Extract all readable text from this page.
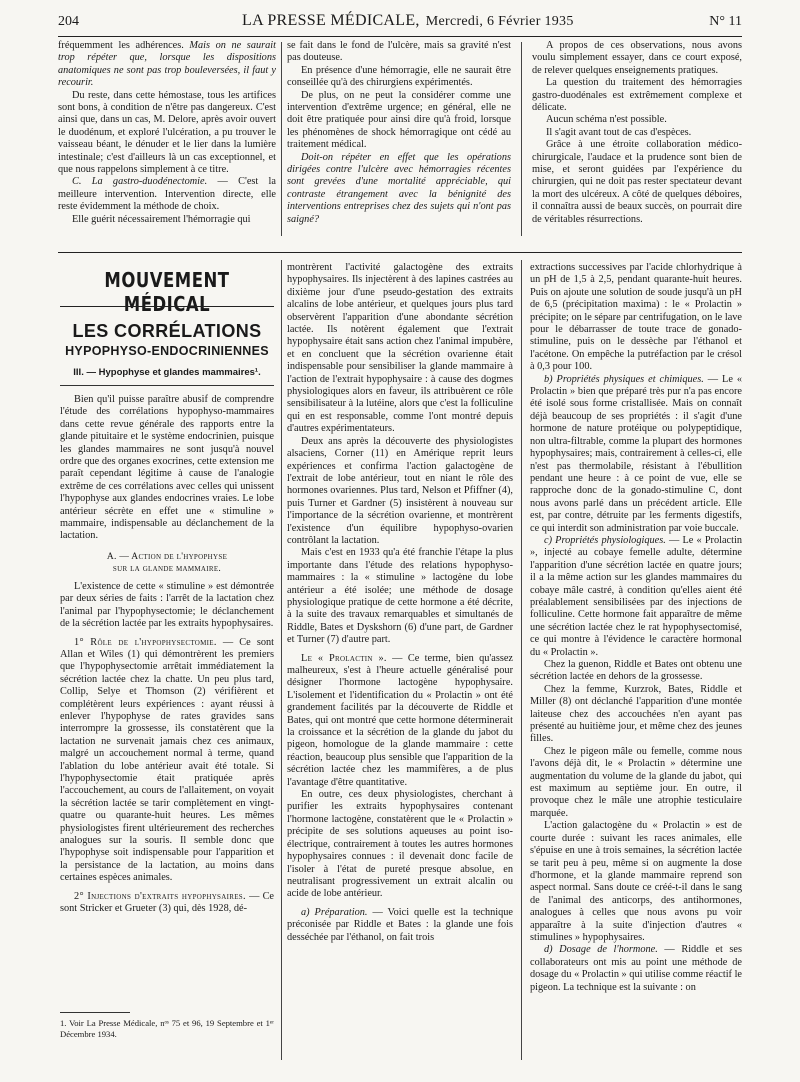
204	LA PRESSE MÉDICALE, Mercredi, 6 Février 1935	N° 11

fréquemment les adhérences. Mais on ne saurait trop répéter que, lorsque les dispositions anatomiques ne sont pas trop bouleversées, il faut y recourir.

Du reste, dans cette hémostase, tous les artifices sont bons, à condition de n'être pas dangereux. C'est ainsi que, dans un cas, M. Delore, après avoir ouvert le duodénum, et exploré l'ulcération, a pu trouver le vaisseau béant, le dénuder et le lier dans la lumière intestinale; c'est d'ailleurs là un cas exceptionnel, et que nous rappelons simplement à ce titre.

C. La gastro-duodénectomie. — C'est la meilleure intervention. Intervention directe, elle reste évidemment la méthode de choix.

Elle guérit nécessairement l'hémorragie qui

se fait dans le fond de l'ulcère, mais sa gravité n'est pas douteuse.

En présence d'une hémorragie, elle ne saurait être conseillée qu'à des chirurgiens expérimentés.

De plus, on ne peut la considérer comme une intervention d'extrême urgence; en général, elle ne doit être pratiquée pour ainsi dire qu'à froid, lorsque les phénomènes de shock hémorragique ont cédé au traitement médical.

Doit-on répéter en effet que les opérations dirigées contre l'ulcère avec hémorragies récentes sont grevées d'une mortalité appréciable, qui contraste étrangement avec la bénignité des interventions entreprises chez des sujets qui n'ont pas saigné?

A propos de ces observations, nous avons voulu simplement essayer, dans ce court exposé, de relever quelques enseignements pratiques.

La question du traitement des hémorragies gastro-duodénales est extrêmement complexe et délicate.

Aucun schéma n'est possible.

Il s'agit avant tout de cas d'espèces.

Grâce à une étroite collaboration médico-chirurgicale, l'audace et la prudence sont bien de mise, et seront guidées par l'expérience du chirurgien, qui ne doit pas rester spectateur devant la mort des ulcéreux. A côté de quelques déboires, il connaîtra aussi de beaux succès, on pourrait dire de véritables résurrections.

MOUVEMENT MÉDICAL
LES CORRÉLATIONS
HYPOPHYSO-ENDOCRINIENNES
III. — Hypophyse et glandes mammaires¹.

Bien qu'il puisse paraître abusif de comprendre l'étude des corrélations hypophyso-mammaires dans cette revue générale des rapports entre la glande pituitaire et le système endocrinien, puisque les glandes mammaires ne sont jusqu'à nouvel ordre que des organes exocrines, cette extension me paraît cependant légitime à cause de l'analogie extrême de ces corrélations avec celles qui unissent l'hypophyse aux glandes endocrines vraies. Le lobe antérieur sécrète en effet une « stimuline » mammaire, indispensable au déclanchement de la lactation.

A. — Action de l'hypophyse
sur la glande mammaire.

L'existence de cette « stimuline » est démontrée par deux séries de faits : l'arrêt de la lactation chez l'animal par l'hypophysectomie; le déclanchement de la sécrétion lactée par les extraits hypophysaires.

1° Rôle de l'hypophysectomie. — Ce sont Allan et Wiles (1) qui démontrèrent les premiers que l'hypophysectomie arrêtait immédiatement la sécrétion lactée chez la chatte. Un peu plus tard, Collip, Selye et Thomson (2) vérifièrent et complétèrent leurs expériences : ayant réussi à enlever l'hypophyse de rates gravides sans interrompre la grossesse, ils constatèrent que la lactation ne survenait jamais chez ces animaux, malgré un accouchement normal à terme, quand l'ablation du lobe antérieur avait été totale. Si l'hypophysectomie était pratiquée après l'accouchement, au cours de l'allaitement, on voyait la sécrétion lactée se tarir complètement en vingt-quatre ou quarante-huit heures. Les mêmes physiologistes firent ultérieurement des recherches analogues sur la souris. Il semble donc que l'hypophyse soit indispensable pour l'apparition et la persistance de la lactation, au moins dans certaines espèces animales.

2° Injections d'extraits hypophysaires. — Ce sont Stricker et Grueter (3) qui, dès 1928, dé-

1. Voir La Presse Médicale, nᵒˢ 75 et 96, 19 Septembre et 1ᵉʳ Décembre 1934.

montrèrent l'activité galactogène des extraits hypophysaires. Ils injectèrent à des lapines castrées au dixième jour d'une pseudo-gestation des extraits alcalins de lobe antérieur, et quelques jours plus tard observèrent l'apparition d'une abondante sécrétion lactée. Ils notèrent également que l'extrait hypophysaire était sans action chez l'animal impubère, et en concluent que la sécrétion ovarienne était indispensable pour sensibiliser la glande mammaire à l'action de l'extrait hypophysaire : à cause des dogmes physiologiques alors en faveur, ils attribuèrent ce rôle sensibilisateur à la lutéine, alors que c'est la folliculine qui en est responsable, comme l'ont montré depuis d'autres expérimentateurs.

Deux ans après la découverte des physiologistes alsaciens, Corner (11) en Amérique reprit leurs expériences et confirma l'action galactogène de l'extrait de lobe antérieur, tout en niant le rôle des hormones ovariennes. Plus tard, Nelson et Pfiffner (4), puis Turner et Gardner (5) insistèrent à nouveau sur l'importance de la sécrétion ovarienne, et montrèrent l'existence d'un équilibre hypophyso-ovarien contrôlant la lactation.

Mais c'est en 1933 qu'a été franchie l'étape la plus importante dans l'étude des relations hypophyso-mammaires : la « stimuline » lactogène du lobe antérieur a été isolée; une méthode de dosage physiologique pratique de cette hormone a été décrite, à la suite des travaux remarquables et simultanés de Riddle, Bates et Dyskshorn (6) d'une part, de Gardner et Turner (7) d'autre part.

Le « Prolactin ». — Ce terme, bien qu'assez malheureux, s'est à l'heure actuelle généralisé pour désigner l'hormone lactogène hypophysaire. L'isolement et l'identification du « Prolactin » ont été grandement facilités par la découverte de Riddle et Bates, qui ont montré que cette hormone déterminerait la croissance et la sécrétion de la glande du jabot du pigeon, homologue de la glande mammaire : cette réaction, beaucoup plus sensible que l'apparition de la sécrétion lactée chez les mammifères, a de plus l'avantage d'être quantitative.

En outre, ces deux physiologistes, cherchant à purifier les extraits hypophysaires contenant l'hormone lactogène, constatèrent que le « Prolactin » précipite de ses solutions aqueuses au point iso-électrique, contrairement à toutes les autres hormones hypophysaires connues : il devenait donc facile de l'isoler à l'état de pureté presque absolue, en neutralisant progressivement un extrait alcalin ou acide de lobe antérieur.

a) Préparation. — Voici quelle est la technique préconisée par Riddle et Bates : la glande une fois desséchée par l'éthanol, on fait trois

extractions successives par l'acide chlorhydrique à un pH de 1,5 à 2,5, pendant quarante-huit heures. Puis on ajoute une solution de soude jusqu'à un pH de 6,5 (précipitation maxima) : le « Prolactin » précipite; on le sépare par centrifugation, on le lave pour le débarrasser de toute trace de gonado-stimuline, puis on le dessèche par l'éthanol et l'acétone. On empêche la putréfaction par le crésol à 0,3 pour 100.

b) Propriétés physiques et chimiques. — Le « Prolactin » bien que préparé très pur n'a pas encore été isolé sous forme cristallisée. Mais on connaît déjà beaucoup de ses propriétés : il s'agit d'une hormone de nature protéique ou polypeptidique, non ultra-filtrable, comme la plupart des hormones hypophysaires; mais, contrairement à celles-ci, elle n'est pas thermolabile, résistant à l'ébullition pendant une heure : à ce point de vue, elle se rapproche donc de la gonado-stimuline C, dont nous avons parlé dans un précédent article. Elle est, par contre, détruite par les ferments digestifs, ce qui interdit son administration par voie buccale.

c) Propriétés physiologiques. — Le « Prolactin », injecté au cobaye femelle adulte, détermine l'apparition d'une sécrétion lactée en quatre jours; il a la même action sur les glandes mammaires du cobaye mâle castré, à condition qu'elles aient été préalablement sensibilisées par des injections de folliculine. Cette hormone fait apparaître de même une sécrétion lactée chez le rat hypophysectomisé, ce qui montre à l'évidence le caractère hormonal du « Prolactin ».

Chez la guenon, Riddle et Bates ont obtenu une sécrétion lactée en dehors de la grossesse.

Chez la femme, Kurzrok, Bates, Riddle et Miller (8) ont déclanché l'apparition d'une montée laiteuse chez des accouchées n'en ayant pas présenté au huitième jour, et même chez des jeunes filles.

Chez le pigeon mâle ou femelle, comme nous l'avons déjà dit, le « Prolactin » détermine une augmentation du volume de la glande du jabot, qui est maximum au septième jour. En outre, il provoque chez le mâle une atrophie testiculaire marquée.

L'action galactogène du « Prolactin » est de courte durée : suivant les races animales, elle s'épuise en une à trois semaines, la sécrétion lactée se tarit peu à peu, même si on augmente la dose d'hormone, et la glande mammaire reprend son aspect normal. Sans doute ce créé-t-il dans le sang de l'animal des anticorps, des antihormones, analogues à celles que nous avons pu voir apparaître à la suite d'injection d'autres « stimulines » hypophysaires.

d) Dosage de l'hormone. — Riddle et ses collaborateurs ont mis au point une méthode de dosage du « Prolactin » qui utilise comme réactif le pigeon. La technique est la suivante : on
